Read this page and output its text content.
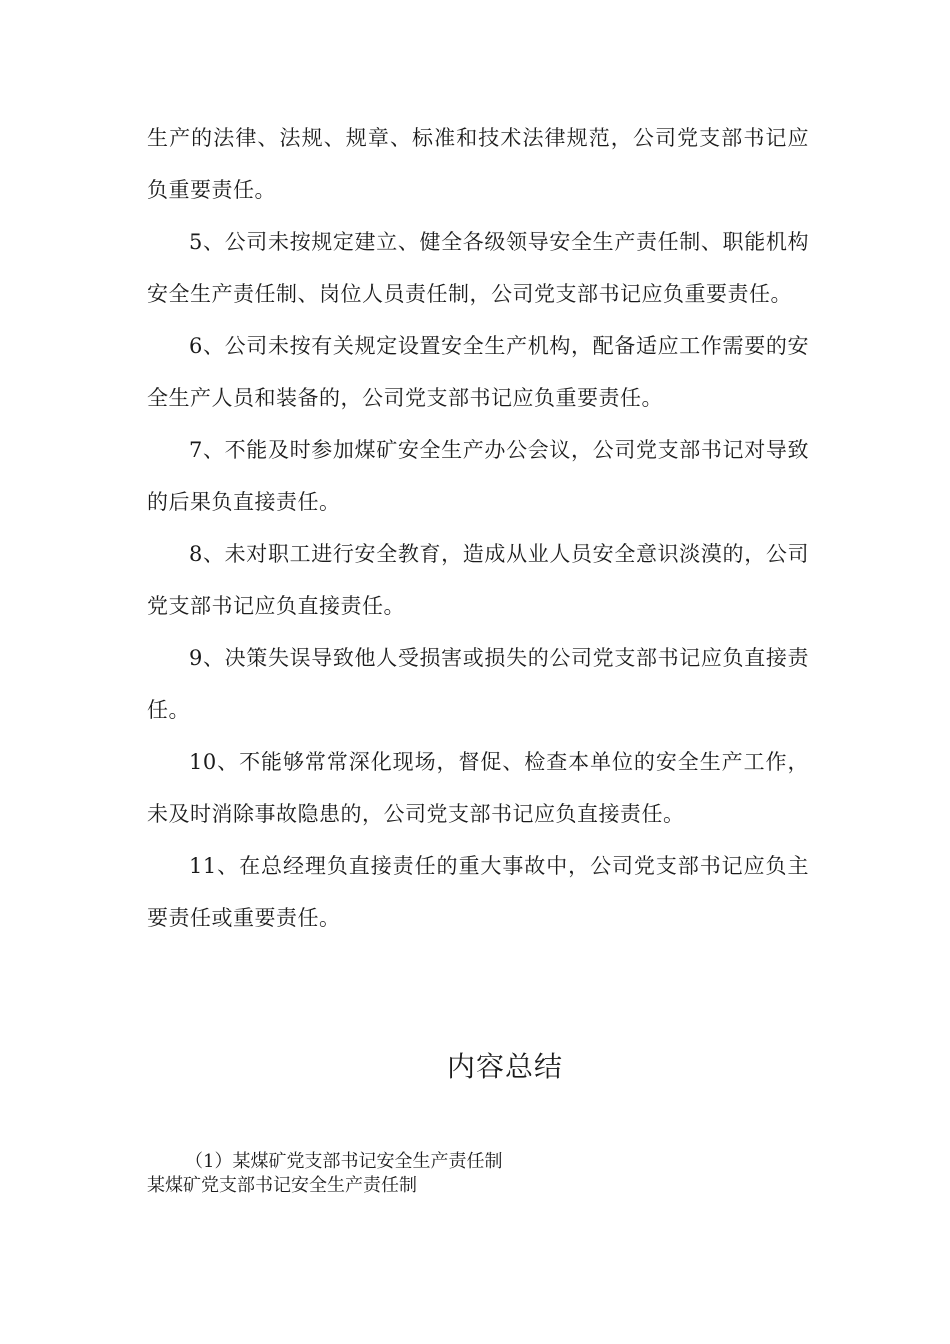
生产的法律、法规、规章、标准和技术法律规范，公司党支部书记应负重要责任。

5、公司未按规定建立、健全各级领导安全生产责任制、职能机构安全生产责任制、岗位人员责任制，公司党支部书记应负重要责任。

6、公司未按有关规定设置安全生产机构，配备适应工作需要的安全生产人员和装备的，公司党支部书记应负重要责任。

7、不能及时参加煤矿安全生产办公会议，公司党支部书记对导致的后果负直接责任。

8、未对职工进行安全教育，造成从业人员安全意识淡漠的，公司党支部书记应负直接责任。

9、决策失误导致他人受损害或损失的公司党支部书记应负直接责任。

10、不能够常常深化现场，督促、检查本单位的安全生产工作，未及时消除事故隐患的，公司党支部书记应负直接责任。

11、在总经理负直接责任的重大事故中，公司党支部书记应负主要责任或重要责任。

内容总结

（1）某煤矿党支部书记安全生产责任制

某煤矿党支部书记安全生产责任制
